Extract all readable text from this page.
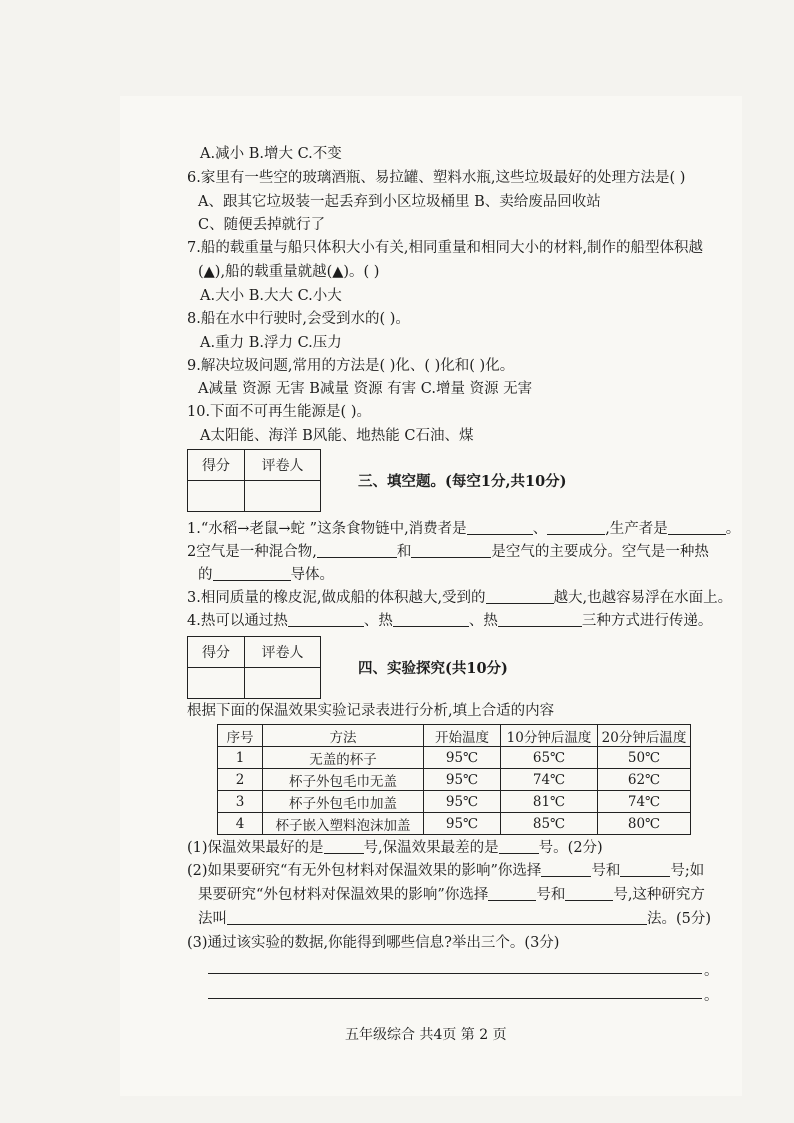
A.减小 B.增大 C.不变
6.家里有一些空的玻璃酒瓶、易拉罐、塑料水瓶,这些垃圾最好的处理方法是( )
A、跟其它垃圾装一起丢弃到小区垃圾桶里 B、卖给废品回收站
C、随便丢掉就行了
7.船的载重量与船只体积大小有关,相同重量和相同大小的材料,制作的船型体积越
(▲),船的载重量就越(▲)。( )
A.大小 B.大大 C.小大
8.船在水中行驶时,会受到水的( )。
A.重力 B.浮力 C.压力
9.解决垃圾问题,常用的方法是( )化、( )化和( )化。
A减量 资源 无害 B减量 资源 有害 C.增量 资源 无害
10.下面不可再生能源是( )。
A太阳能、海洋 B风能、地热能 C石油、煤
得分	评卷人

三、填空题。(每空1分,共10分)
1.“水稻→老鼠→蛇 ”这条食物链中,消费者是	、	,生产者是	。
2空气是一种混合物,	和	是空气的主要成分。空气是一种热
的	导体。
3.相同质量的橡皮泥,做成船的体积越大,受到的	越大,也越容易浮在水面上。
4.热可以通过热	、热	、热	三种方式进行传递。
得分	评卷人

四、实验探究(共10分)
根据下面的保温效果实验记录表进行分析,填上合适的内容
序号	方法	开始温度	10分钟后温度	20分钟后温度
1	无盖的杯子	95℃	65℃	50℃
2	杯子外包毛巾无盖	95℃	74℃	62℃
3	杯子外包毛巾加盖	95℃	81℃	74℃
4	杯子嵌入塑料泡沫加盖	95℃	85℃	80℃
(1)保温效果最好的是	号,保温效果最差的是	号。(2分)
(2)如果要研究“有无外包材料对保温效果的影响”你选择	号和	号;如
果要研究“外包材料对保温效果的影响”你选择	号和	号,这种研究方
法叫	法。(5分)
(3)通过该实验的数据,你能得到哪些信息?举出三个。(3分)
。
。
五年级综合 共4页 第 2 页
